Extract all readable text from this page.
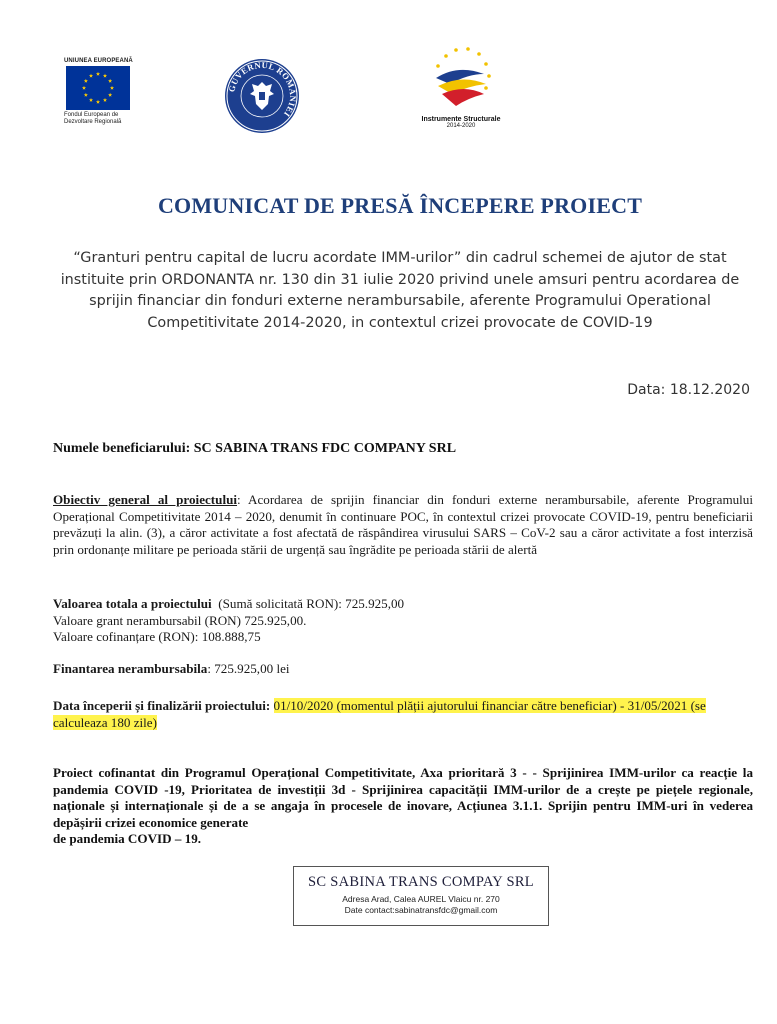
UNIUNEA EUROPEANĂ
Fondul European de
Dezvoltare Regională
GUVERNUL ROMÂNIEI
Instrumente Structurale
2014-2020
COMUNICAT DE PRESĂ ÎNCEPERE PROIECT
“Granturi pentru capital de lucru acordate IMM-urilor” din cadrul schemei de ajutor de stat instituite prin ORDONANTA nr. 130 din 31 iulie 2020 privind unele amsuri pentru acordarea de sprijin financiar din fonduri externe nerambursabile, aferente Programului Operational Competitivitate 2014-2020, in contextul crizei provocate de COVID-19
Data: 18.12.2020
Numele beneficiarului: SC SABINA TRANS FDC COMPANY SRL
Obiectiv general al proiectului: Acordarea de sprijin financiar din fonduri externe nerambursabile, aferente Programului Operațional Competitivitate 2014 – 2020, denumit în continuare POC, în contextul crizei provocate COVID-19, pentru beneficiarii prevăzuți la alin. (3), a căror activitate a fost afectată de răspândirea virusului SARS – CoV-2 sau a căror activitate a fost interzisă prin ordonanțe militare pe perioada stării de urgență sau îngrădite pe perioada stării de alertă
Valoarea totala a proiectului  (Sumă solicitată RON): 725.925,00
Valoare grant nerambursabil (RON) 725.925,00.
Valoare cofinanțare (RON): 108.888,75
Finantarea nerambursabila: 725.925,00 lei
Data începerii și finalizării proiectului: 01/10/2020 (momentul plății ajutorului financiar către beneficiar) - 31/05/2021 (se calculeaza 180 zile)
Proiect cofinantat din Programul Operațional Competitivitate, Axa prioritară 3 - - Sprijinirea IMM-urilor ca reacție la pandemia COVID -19, Prioritatea de investiții 3d - Sprijinirea capacității IMM-urilor de a crește pe piețele regionale, naționale și internaționale și de a se angaja în procesele de inovare, Acțiunea 3.1.1. Sprijin pentru IMM-uri în vederea depășirii crizei economice generate
de pandemia COVID – 19.
SC SABINA TRANS COMPAY SRL
Adresa Arad, Calea AUREL Vlaicu nr. 270
Date contact:sabinatransfdc@gmail.com
